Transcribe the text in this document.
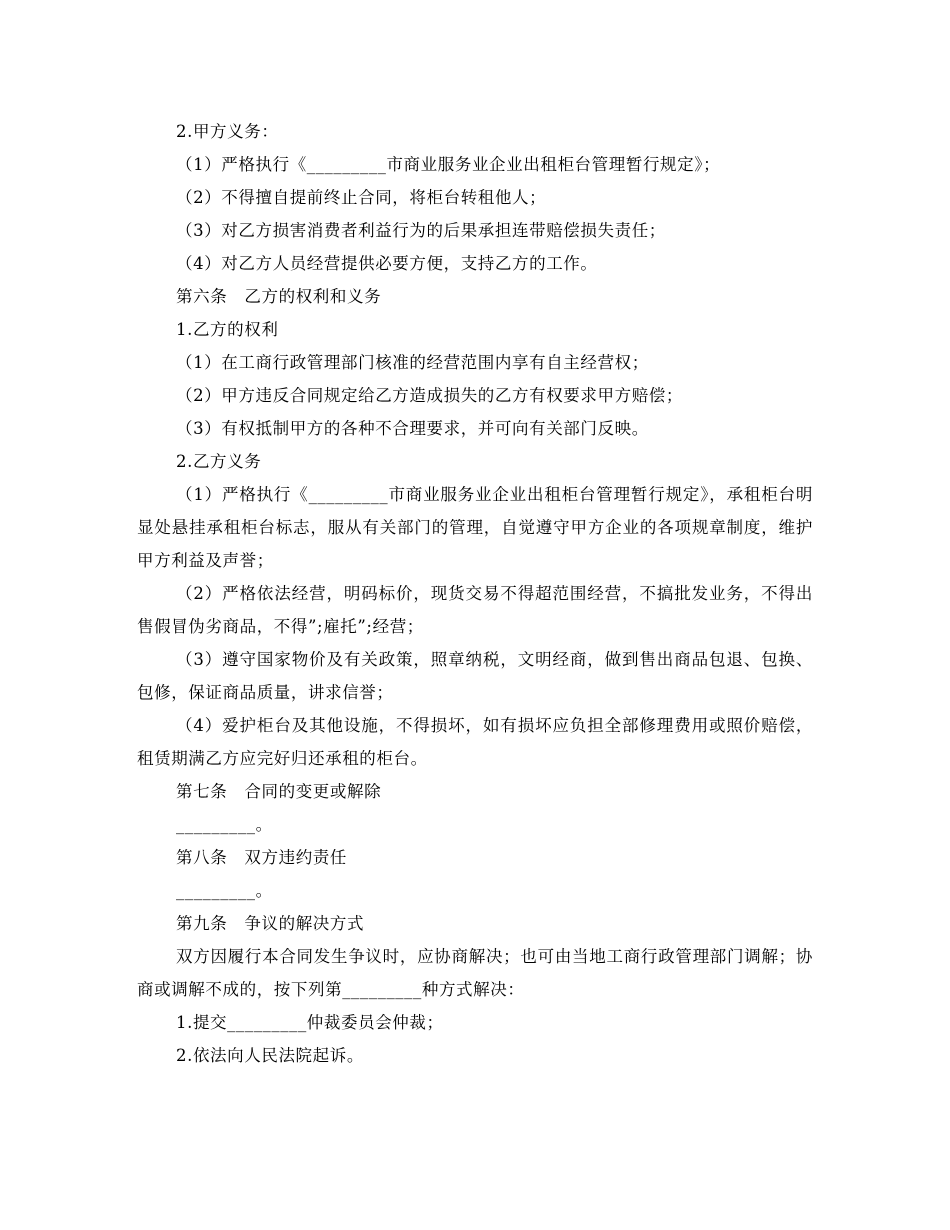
2.甲方义务：
（1）严格执行《_________市商业服务业企业出租柜台管理暂行规定》；
（2）不得擅自提前终止合同，将柜台转租他人；
（3）对乙方损害消费者利益行为的后果承担连带赔偿损失责任；
（4）对乙方人员经营提供必要方便，支持乙方的工作。
第六条　乙方的权利和义务
1.乙方的权利
（1）在工商行政管理部门核准的经营范围内享有自主经营权；
（2）甲方违反合同规定给乙方造成损失的乙方有权要求甲方赔偿；
（3）有权抵制甲方的各种不合理要求，并可向有关部门反映。
2.乙方义务
（1）严格执行《_________市商业服务业企业出租柜台管理暂行规定》，承租柜台明显处悬挂承租柜台标志，服从有关部门的管理，自觉遵守甲方企业的各项规章制度，维护甲方利益及声誉；
（2）严格依法经营，明码标价，现货交易不得超范围经营，不搞批发业务，不得出售假冒伪劣商品，不得”;雇托”;经营；
（3）遵守国家物价及有关政策，照章纳税，文明经商，做到售出商品包退、包换、包修，保证商品质量，讲求信誉；
（4）爱护柜台及其他设施，不得损坏，如有损坏应负担全部修理费用或照价赔偿，租赁期满乙方应完好归还承租的柜台。
第七条　合同的变更或解除
_________。
第八条　双方违约责任
_________。
第九条　争议的解决方式
双方因履行本合同发生争议时，应协商解决；也可由当地工商行政管理部门调解；协商或调解不成的，按下列第_________种方式解决：
1.提交_________仲裁委员会仲裁；
2.依法向人民法院起诉。
